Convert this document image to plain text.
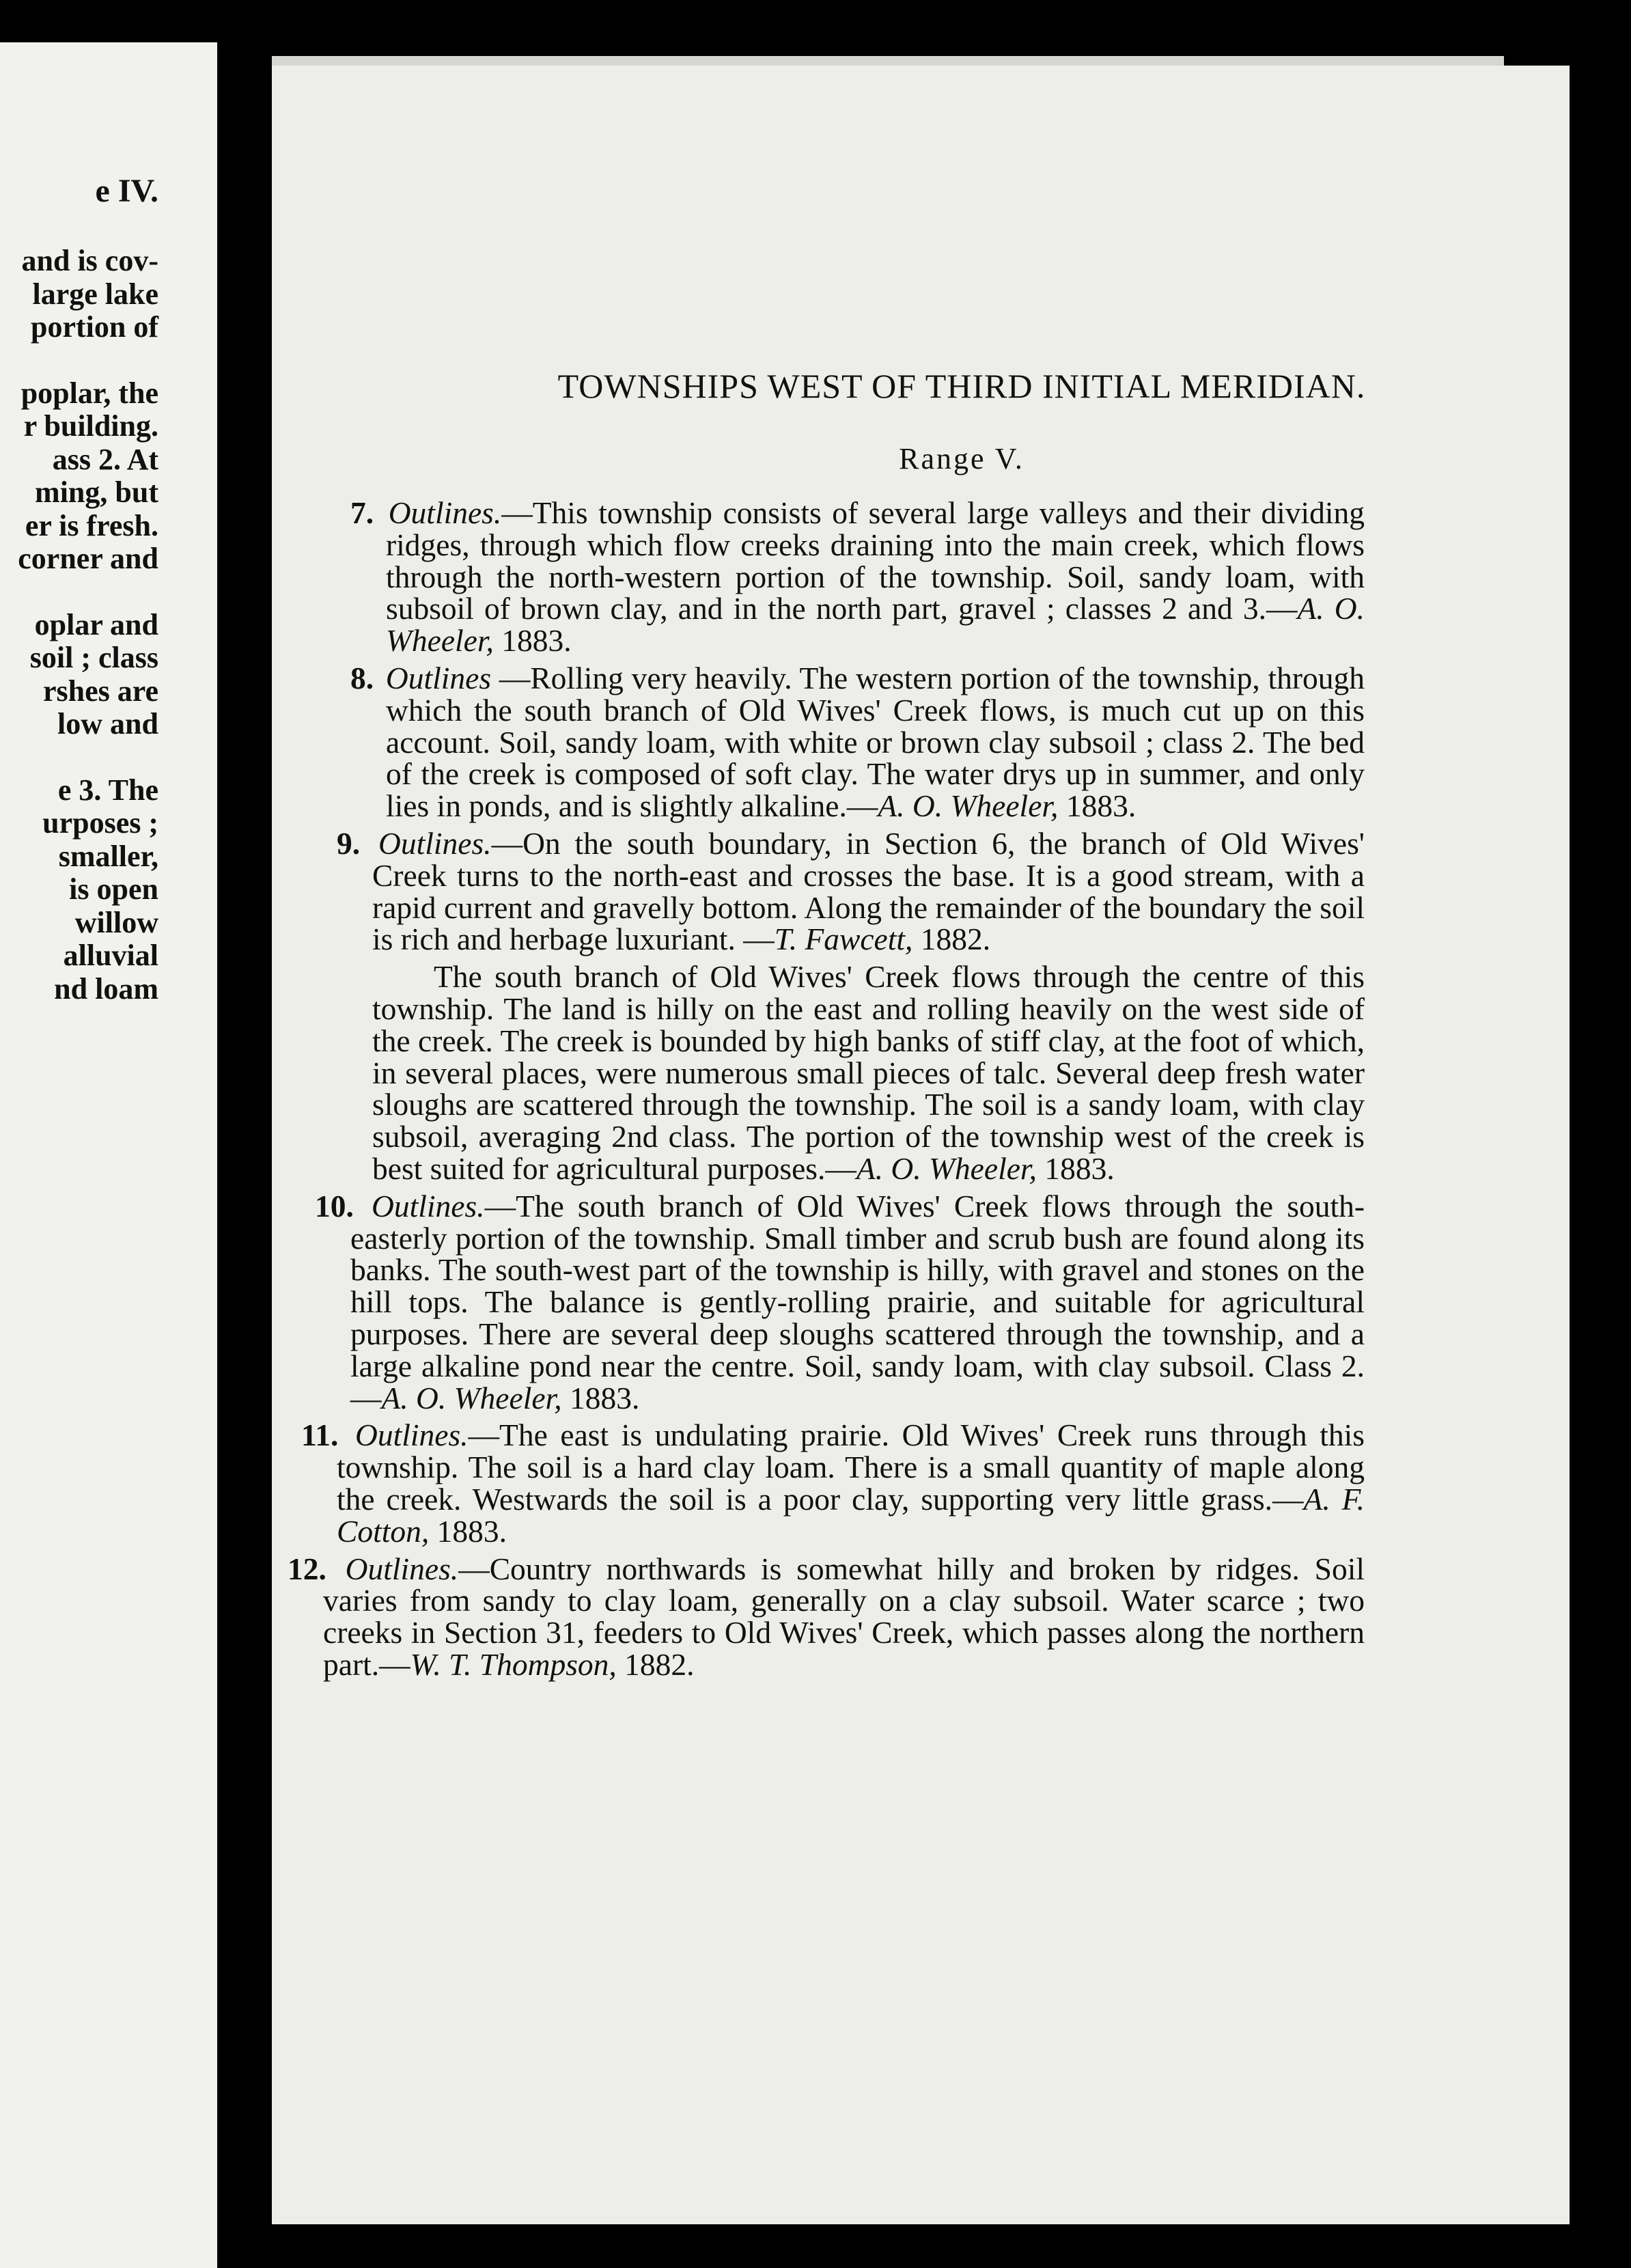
e IV.
and is cov-
large lake
portion of
poplar, the
r building.
ass 2. At
ming, but
er is fresh.
corner and
oplar and
soil ; class
rshes are
low and
e 3. The
urposes ;
smaller,
is open
willow
alluvial
nd loam
TOWNSHIPS WEST OF THIRD INITIAL MERIDIAN.
Range V.
7. Outlines.—This township consists of several large valleys and their dividing ridges, through which flow creeks draining into the main creek, which flows through the north-western portion of the township. Soil, sandy loam, with subsoil of brown clay, and in the north part, gravel ; classes 2 and 3.—A. O. Wheeler, 1883.
8. Outlines —Rolling very heavily. The western portion of the township, through which the south branch of Old Wives' Creek flows, is much cut up on this account. Soil, sandy loam, with white or brown clay subsoil ; class 2. The bed of the creek is composed of soft clay. The water drys up in summer, and only lies in ponds, and is slightly alkaline.—A. O. Wheeler, 1883.
9. Outlines.—On the south boundary, in Section 6, the branch of Old Wives' Creek turns to the north-east and crosses the base. It is a good stream, with a rapid current and gravelly bottom. Along the remainder of the boundary the soil is rich and herbage luxuriant. —T. Fawcett, 1882.
The south branch of Old Wives' Creek flows through the centre of this township. The land is hilly on the east and rolling heavily on the west side of the creek. The creek is bounded by high banks of stiff clay, at the foot of which, in several places, were numerous small pieces of talc. Several deep fresh water sloughs are scattered through the township. The soil is a sandy loam, with clay subsoil, averaging 2nd class. The portion of the township west of the creek is best suited for agricultural purposes.—A. O. Wheeler, 1883.
10. Outlines.—The south branch of Old Wives' Creek flows through the south-easterly portion of the township. Small timber and scrub bush are found along its banks. The south-west part of the township is hilly, with gravel and stones on the hill tops. The balance is gently-rolling prairie, and suitable for agricultural purposes. There are several deep sloughs scattered through the township, and a large alkaline pond near the centre. Soil, sandy loam, with clay subsoil. Class 2.—A. O. Wheeler, 1883.
11. Outlines.—The east is undulating prairie. Old Wives' Creek runs through this township. The soil is a hard clay loam. There is a small quantity of maple along the creek. Westwards the soil is a poor clay, supporting very little grass.—A. F. Cotton, 1883.
12. Outlines.—Country northwards is somewhat hilly and broken by ridges. Soil varies from sandy to clay loam, generally on a clay subsoil. Water scarce ; two creeks in Section 31, feeders to Old Wives' Creek, which passes along the northern part.—W. T. Thompson, 1882.
